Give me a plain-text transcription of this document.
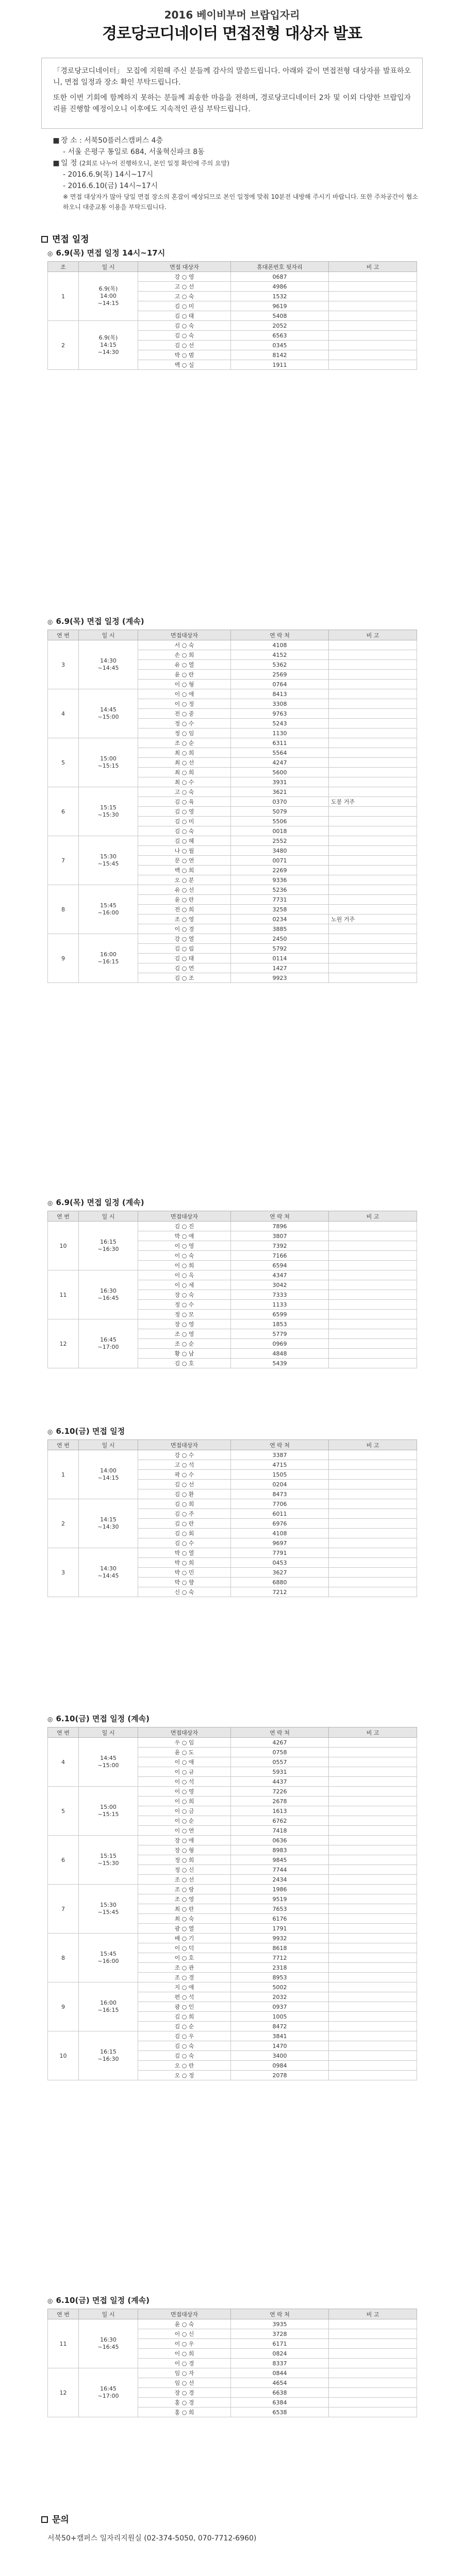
2016 베이비부머 브랍입자리
경로당코디네이터 면접전형 대상자 발표

「경로당코디네이터」 모집에 지원해 주신 분들께 감사의 말씀드립니다. 아래와 같이 면접전형 대상자를 발표하오니, 면접 일정과 장소 확인 부탁드립니다.

또한 이번 기회에 함께하지 못하는 분들께 죄송한 마음을 전하며, 경로당코디네이터 2차 및 이외 다양한 브랍입자리를 진행할 예정이오니 이후에도 지속적인 관심 부탁드립니다.

■ 장 소 : 서북50플러스캠퍼스 4층
- 서울 은평구 통일로 684, 서울혁신파크 8동
■ 일 정 (2회로 나누어 진행하오니, 본인 일정 확인에 주의 요망)
- 2016.6.9(목) 14시~17시
- 2016.6.10(금) 14시~17시
※ 면접 대상자가 많아 당일 면접 장소의 혼잡이 예상되므로 본인 일정에 맞춰 10분전 내방해 주시기 바랍니다. 또한 주차공간이 협소하오니 대중교통 이용을 부탁드립니다.
면접 일정
◎ 6.9(목) 면접 일정 14시~17시
조	일 시	면접 대상자	휴대폰번호 뒷자리	비 고
1	6.9(목)
14:00
~14:15	강 ○ 영	0687	
		고 ○ 선	4986	
		고 ○ 숙	1532	
		김 ○ 미	9619	
		김 ○ 태	5408	
2	6.9(목)
14:15
~14:30	김 ○ 숙	2052	
		김 ○ 숙	6563	
		김 ○ 선	0345	
		박 ○ 범	8142	
		백 ○ 실	1911	
◎ 6.9(목) 면접 일정 (계속)
연 번	일 시	면접대상자	연 락 처	비 고
3	14:30
~14:45	서 ○ 숙	4108	
		손 ○ 희	4152	
		유 ○ 열	5362	
		윤 ○ 란	2569	
		이 ○ 형	0764	
4	14:45
~15:00	이 ○ 애	8413	
		이 ○ 정	3308	
		전 ○ 중	9763	
		정 ○ 수	5243	
		정 ○ 임	1130	
5	15:00
~15:15	조 ○ 순	6311	
		최 ○ 희	5564	
		최 ○ 선	4247	
		최 ○ 희	5600	
		최 ○ 수	3931	
6	15:15
~15:30	고 ○ 숙	3621	
		김 ○ 육	0370	도봉 거주
		김 ○ 영	5079	
		김 ○ 미	5506	
		김 ○ 숙	0018	
7	15:30
~15:45	김 ○ 혜	2552	
		나 ○ 월	3480	
		문 ○ 연	0071	
		백 ○ 희	2269	
		오 ○ 분	9336	
8	15:45
~16:00	유 ○ 선	5236	
		윤 ○ 란	7731	
		전 ○ 희	3258	
		조 ○ 영	0234	노원 거주
		이 ○ 경	3885	
9	16:00
~16:15	강 ○ 열	2450	
		김 ○ 림	5792	
		김 ○ 태	0114	
		김 ○ 연	1427	
		김 ○ 조	9923	
◎ 6.9(목) 면접 일정 (계속)
연 번	일 시	면접대상자	연 락 처	비 고
10	16:15
~16:30	김 ○ 진	7896	
		박 ○ 애	3807	
		이 ○ 영	7392	
		이 ○ 숙	7166	
		이 ○ 희	6594	
11	16:30
~16:45	이 ○ 옥	4347	
		이 ○ 세	3042	
		장 ○ 숙	7333	
		정 ○ 수	1133	
		정 ○ 모	6599	
12	16:45
~17:00	장 ○ 영	1853	
		조 ○ 영	5779	
		조 ○ 순	0969	
		황 ○ 남	4848	
		김 ○ 호	5439	
◎ 6.10(금) 면접 일정
연 번	일 시	면접대상자	연 락 처	비 고
1	14:00
~14:15	강 ○ 수	3387	
		고 ○ 석	4715	
		곽 ○ 수	1505	
		김 ○ 선	0204	
		김 ○ 환	8473	
2	14:15
~14:30	김 ○ 희	7706	
		김 ○ 주	6011	
		김 ○ 란	6976	
		김 ○ 회	4108	
		김 ○ 수	9697	
3	14:30
~14:45	박 ○ 열	7791	
		박 ○ 희	0453	
		박 ○ 민	3627	
		박 ○ 향	6880	
		신 ○ 숙	7212	
◎ 6.10(금) 면접 일정 (계속)
연 번	일 시	면접대상자	연 락 처	비 고
4	14:45
~15:00	우 ○ 임	4267	
		윤 ○ 도	0758	
		이 ○ 애	0557	
		이 ○ 규	5931	
		이 ○ 석	4437	
5	15:00
~15:15	이 ○ 영	7226	
		이 ○ 희	2678	
		이 ○ 금	1613	
		이 ○ 순	6762	
		이 ○ 연	7418	
6	15:15
~15:30	장 ○ 애	0636	
		장 ○ 형	8983	
		정 ○ 희	9845	
		정 ○ 신	7744	
		조 ○ 선	2434	
7	15:30
~15:45	조 ○ 랑	1986	
		조 ○ 영	9519	
		최 ○ 란	7653	
		최 ○ 숙	6176	
		광 ○ 열	1791	
8	15:45
~16:00	배 ○ 기	9932	
		이 ○ 덕	8618	
		이 ○ 호	7712	
		조 ○ 관	2318	
		조 ○ 경	8953	
9	16:00
~16:15	지 ○ 애	5002	
		편 ○ 석	2032	
		광 ○ 인	0937	
		김 ○ 희	1005	
		김 ○ 순	8472	
10	16:15
~16:30	김 ○ 우	3841	
		김 ○ 숙	1470	
		김 ○ 숙	3400	
		오 ○ 란	0984	
		오 ○ 정	2078	
◎ 6.10(금) 면접 일정 (계속)
연 번	일 시	면접대상자	연 락 처	비 고
11	16:30
~16:45	윤 ○ 숙	3935	
		이 ○ 신	3728	
		이 ○ 우	6171	
		이 ○ 희	0824	
		이 ○ 경	8337	
12	16:45
~17:00	임 ○ 자	0844	
		임 ○ 선	4654	
		장 ○ 경	6638	
		홍 ○ 경	6384	
		홍 ○ 희	6538	
문의
서북50+캠퍼스 일자리지원실 (02-374-5050, 070-7712-6960)
